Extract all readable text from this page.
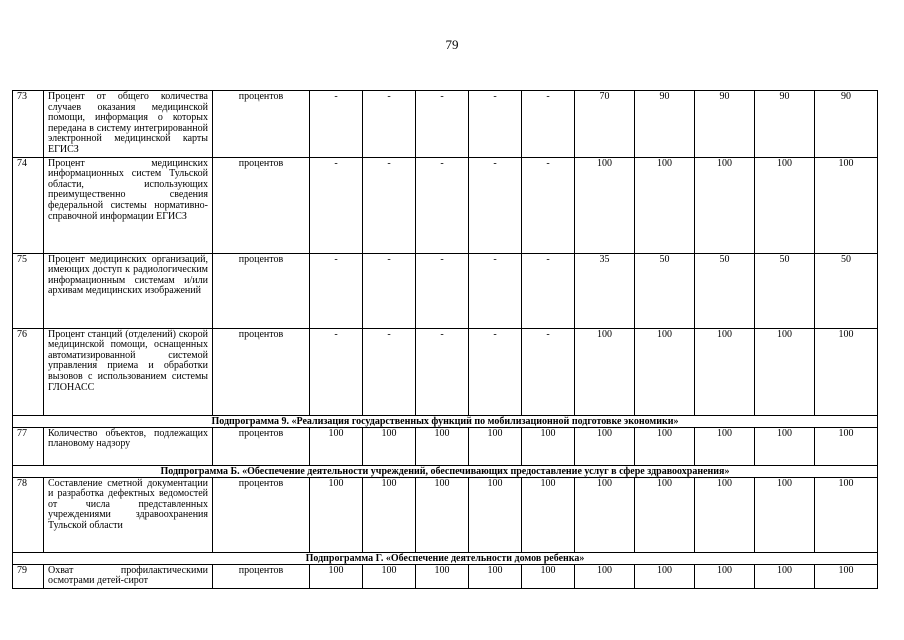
79
73	Процент от общего количества случаев оказания медицинской помощи, информация о которых передана в систему интегрированной электронной медицинской карты ЕГИСЗ	процентов	-	-	-	-	-	70	90	90	90	90
74	Процент медицинских информационных систем Тульской области, использующих преимущественно сведения федеральной системы нормативно-справочной информации ЕГИСЗ	процентов	-	-	-	-	-	100	100	100	100	100
75	Процент медицинских организаций, имеющих доступ к радиологическим информационным системам и/или архивам медицинских изображений	процентов	-	-	-	-	-	35	50	50	50	50
76	Процент станций (отделений) скорой медицинской помощи, оснащенных автоматизированной системой управления приема и обработки вызовов с использованием системы ГЛОНАСС	процентов	-	-	-	-	-	100	100	100	100	100
Подпрограмма 9. «Реализация государственных функций по мобилизационной подготовке экономики»												
77	Количество объектов, подлежащих плановому надзору	процентов	100	100	100	100	100	100	100	100	100	100
Подпрограмма Б. «Обеспечение деятельности учреждений, обеспечивающих предоставление услуг в сфере здравоохранения»												
78	Составление сметной документации и разработка дефектных ведомостей от числа представленных учреждениями здравоохранения Тульской области	процентов	100	100	100	100	100	100	100	100	100	100
Подпрограмма Г. «Обеспечение деятельности домов ребенка»												
79	Охват профилактическими осмотрами детей-сирот	процентов	100	100	100	100	100	100	100	100	100	100
